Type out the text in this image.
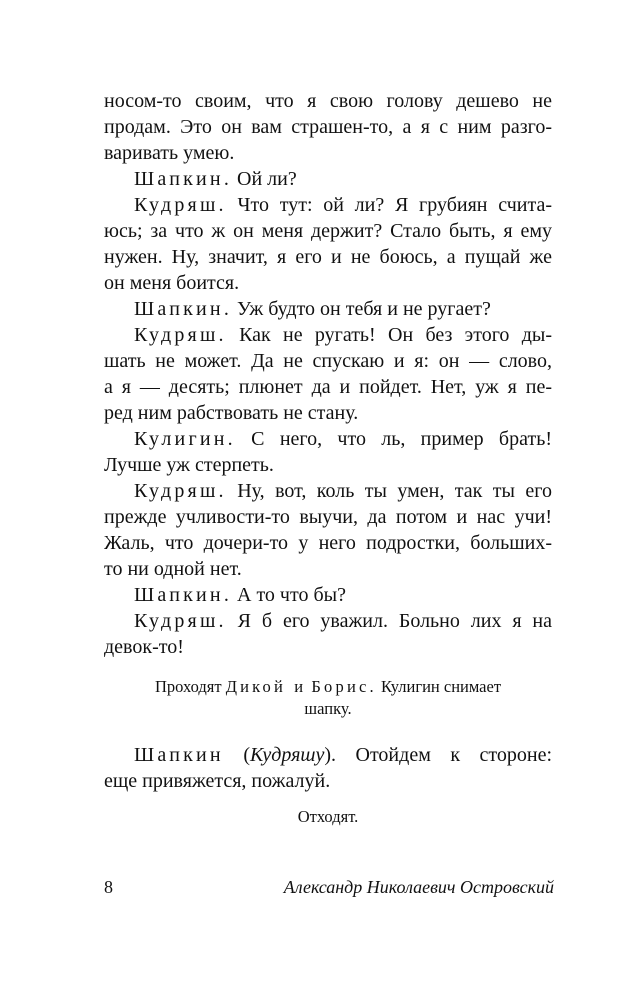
носом-то своим, что я свою голову дешево не
продам. Это он вам страшен-то, а я с ним разго-
варивать умею.
Шапкин. Ой ли?
Кудряш. Что тут: ой ли? Я грубиян счита-
юсь; за что ж он меня держит? Стало быть, я ему
нужен. Ну, значит, я его и не боюсь, а пущай же
он меня боится.
Шапкин. Уж будто он тебя и не ругает?
Кудряш. Как не ругать! Он без этого ды-
шать не может. Да не спускаю и я: он — слово,
а я — десять; плюнет да и пойдет. Нет, уж я пе-
ред ним рабствовать не стану.
Кулигин. С него, что ль, пример брать!
Лучше уж стерпеть.
Кудряш. Ну, вот, коль ты умен, так ты его
прежде учливости-то выучи, да потом и нас учи!
Жаль, что дочери-то у него подростки, больших-
то ни одной нет.
Шапкин. А то что бы?
Кудряш. Я б его уважил. Больно лих я на
девок-то!
Проходят Дикой и Борис. Кулигин снимает
шапку.
Шапкин (Кудряшу). Отойдем к стороне:
еще привяжется, пожалуй.
Отходят.
8	Александр Николаевич Островский
